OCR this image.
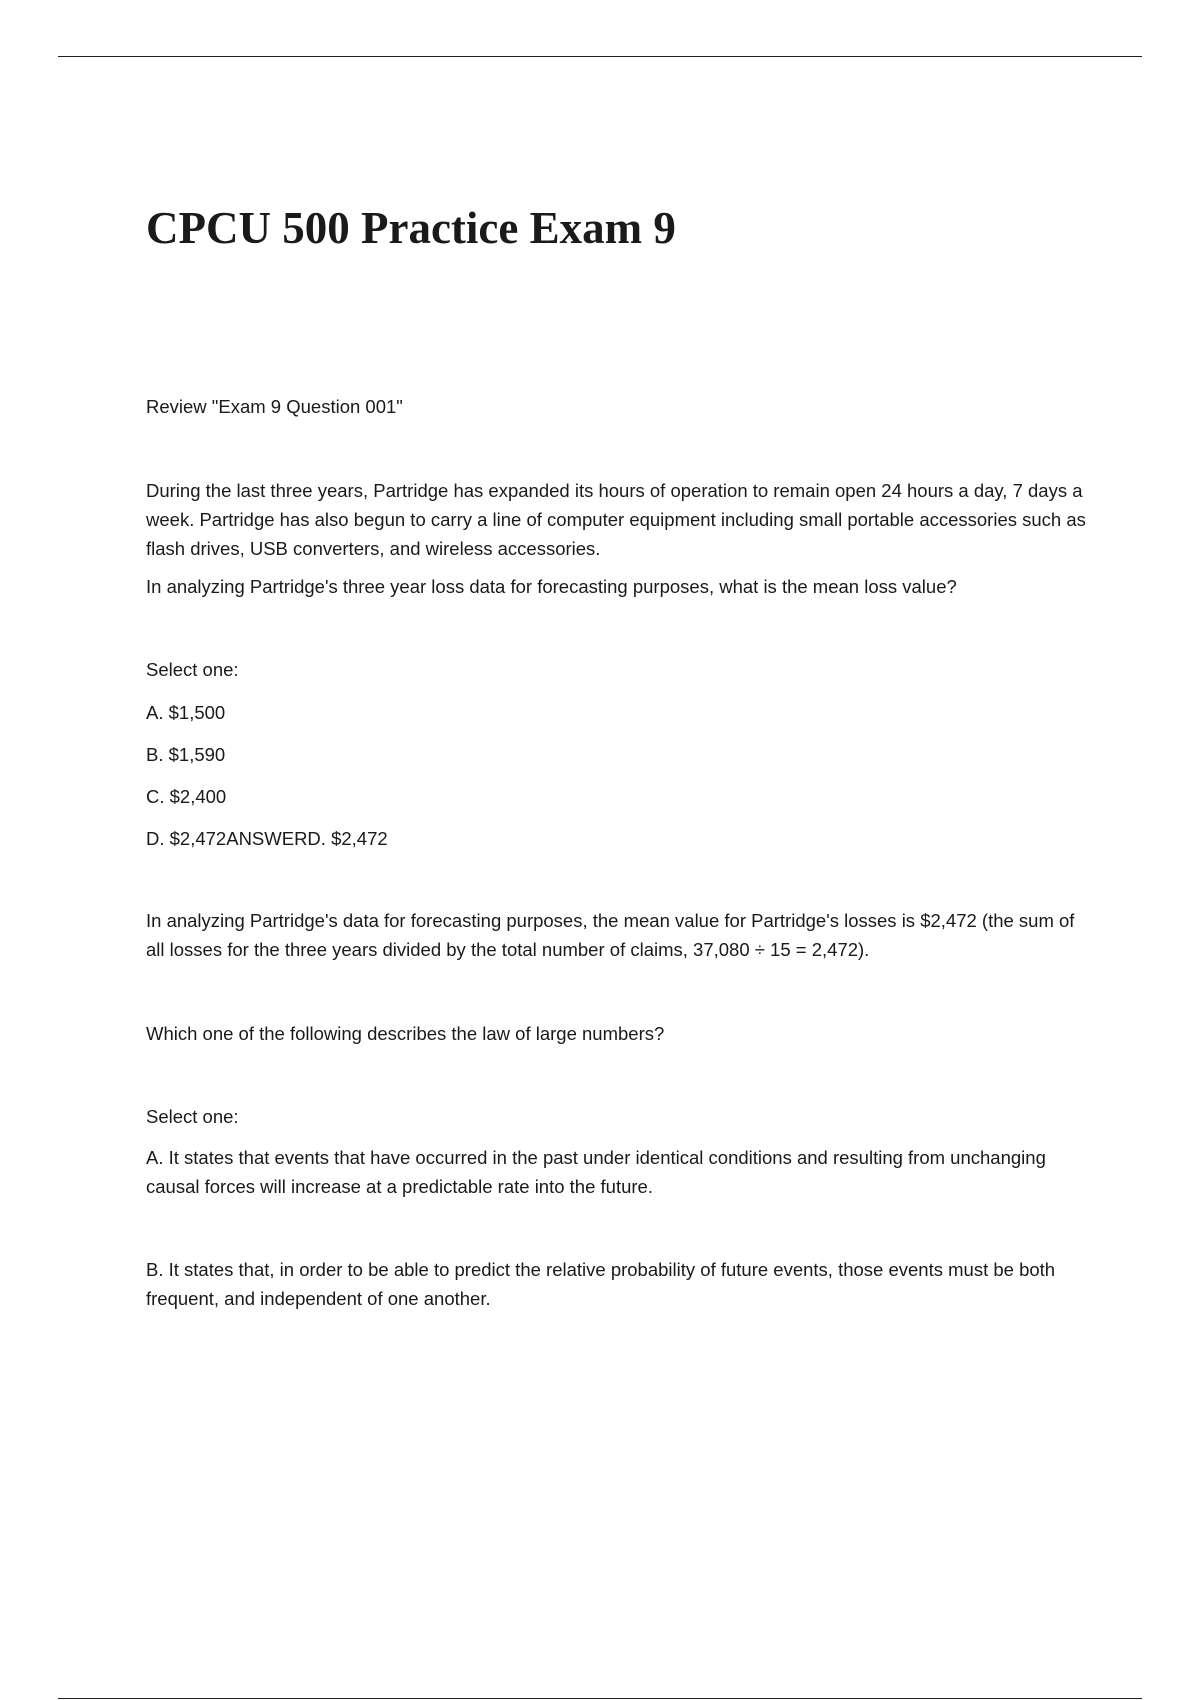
CPCU 500 Practice Exam 9

Review "Exam 9 Question 001"

During the last three years, Partridge has expanded its hours of operation to remain open 24 hours a day, 7 days a week. Partridge has also begun to carry a line of computer equipment including small portable accessories such as flash drives, USB converters, and wireless accessories.

In analyzing Partridge's three year loss data for forecasting purposes, what is the mean loss value?

Select one:

A. $1,500

B. $1,590

C. $2,400

D. $2,472ANSWERD. $2,472

In analyzing Partridge's data for forecasting purposes, the mean value for Partridge's losses is $2,472 (the sum of all losses for the three years divided by the total number of claims, 37,080 ÷ 15 = 2,472).

Which one of the following describes the law of large numbers?

Select one:

A. It states that events that have occurred in the past under identical conditions and resulting from unchanging causal forces will increase at a predictable rate into the future.

B. It states that, in order to be able to predict the relative probability of future events, those events must be both frequent, and independent of one another.
